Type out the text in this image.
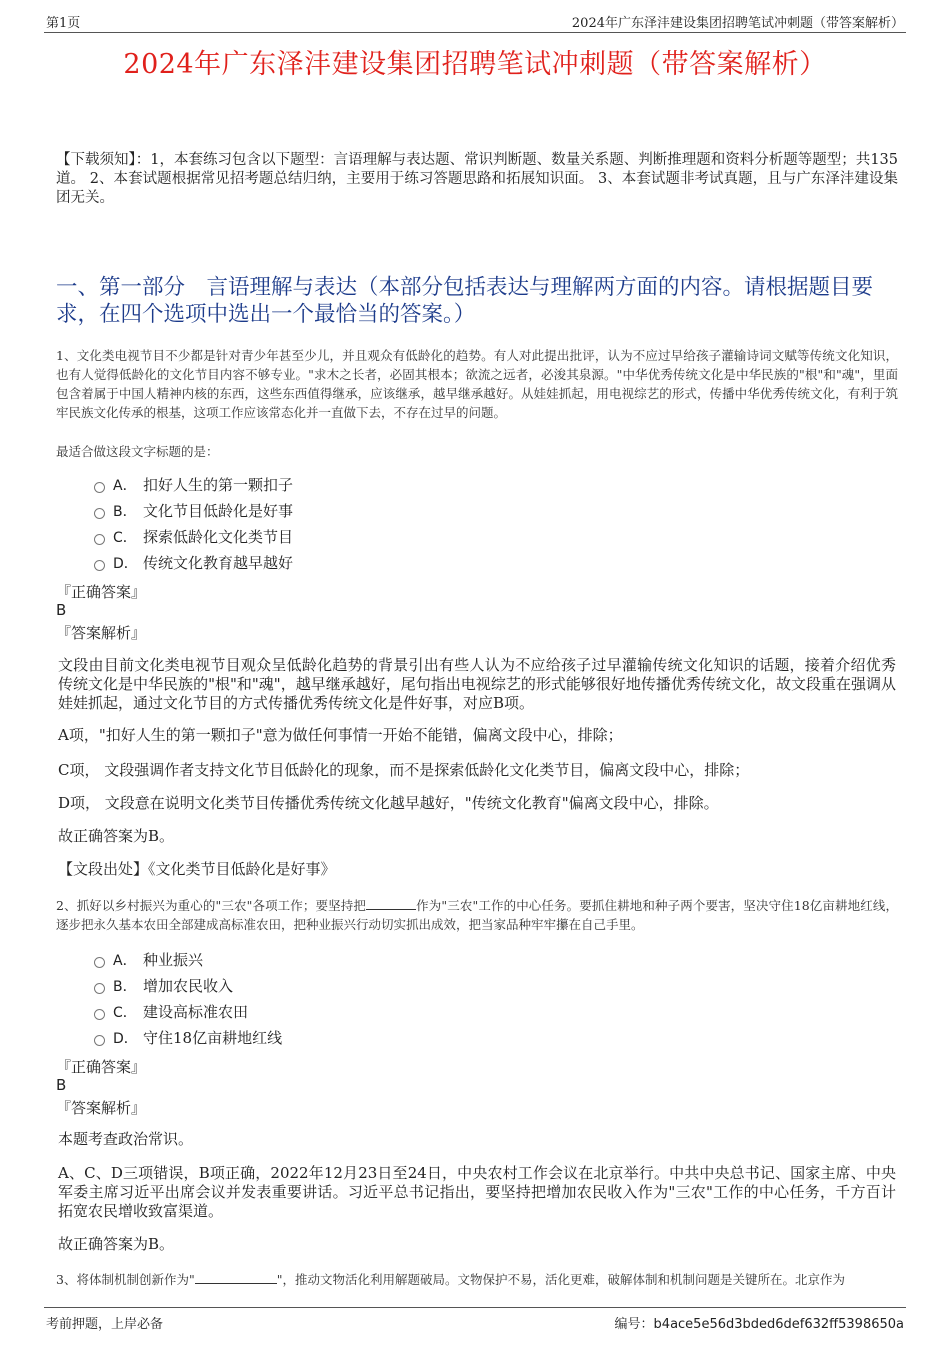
第1页	2024年广东泽沣建设集团招聘笔试冲刺题（带答案解析）
2024年广东泽沣建设集团招聘笔试冲刺题（带答案解析）
【下载须知】：1，本套练习包含以下题型：言语理解与表达题、常识判断题、数量关系题、判断推理题和资料分析题等题型；共135道。 2、本套试题根据常见招考题总结归纳，主要用于练习答题思路和拓展知识面。 3、本套试题非考试真题，且与广东泽沣建设集团无关。
一、第一部分　言语理解与表达（本部分包括表达与理解两方面的内容。请根据题目要求，在四个选项中选出一个最恰当的答案。）
1、文化类电视节目不少都是针对青少年甚至少儿，并且观众有低龄化的趋势。有人对此提出批评，认为不应过早给孩子灌输诗词文赋等传统文化知识，也有人觉得低龄化的文化节目内容不够专业。"求木之长者，必固其根本；欲流之远者，必浚其泉源。"中华优秀传统文化是中华民族的"根"和"魂"，里面包含着属于中国人精神内核的东西，这些东西值得继承，应该继承，越早继承越好。从娃娃抓起，用电视综艺的形式，传播中华优秀传统文化，有利于筑牢民族文化传承的根基，这项工作应该常态化并一直做下去，不存在过早的问题。
最适合做这段文字标题的是：
A． 扣好人生的第一颗扣子
B． 文化节目低龄化是好事
C． 探索低龄化文化类节目
D． 传统文化教育越早越好
『正确答案』
B
『答案解析』
文段由目前文化类电视节目观众呈低龄化趋势的背景引出有些人认为不应给孩子过早灌输传统文化知识的话题，接着介绍优秀传统文化是中华民族的"根"和"魂"，越早继承越好，尾句指出电视综艺的形式能够很好地传播优秀传统文化，故文段重在强调从娃娃抓起，通过文化节目的方式传播优秀传统文化是件好事，对应B项。
A项，"扣好人生的第一颗扣子"意为做任何事情一开始不能错，偏离文段中心，排除；
C项， 文段强调作者支持文化节目低龄化的现象，而不是探索低龄化文化类节目，偏离文段中心，排除；
D项， 文段意在说明文化类节目传播优秀传统文化越早越好，"传统文化教育"偏离文段中心，排除。
故正确答案为B。
【文段出处】《文化类节目低龄化是好事》
2、抓好以乡村振兴为重心的"三农"各项工作；要坚持把	作为"三农"工作的中心任务。要抓住耕地和种子两个要害，坚决守住18亿亩耕地红线，逐步把永久基本农田全部建成高标准农田，把种业振兴行动切实抓出成效，把当家品种牢牢攥在自己手里。
A． 种业振兴
B． 增加农民收入
C． 建设高标准农田
D． 守住18亿亩耕地红线
『正确答案』
B
『答案解析』
本题考查政治常识。
A、C、D三项错误，B项正确，2022年12月23日至24日，中央农村工作会议在北京举行。中共中央总书记、国家主席、中央军委主席习近平出席会议并发表重要讲话。习近平总书记指出，要坚持把增加农民收入作为"三农"工作的中心任务，千方百计拓宽农民增收致富渠道。
故正确答案为B。
3、将体制机制创新作为"	"，推动文物活化利用解题破局。文物保护不易，活化更难，破解体制和机制问题是关键所在。北京作为
考前押题，上岸必备	编号：b4ace5e56d3bded6def632ff5398650a
